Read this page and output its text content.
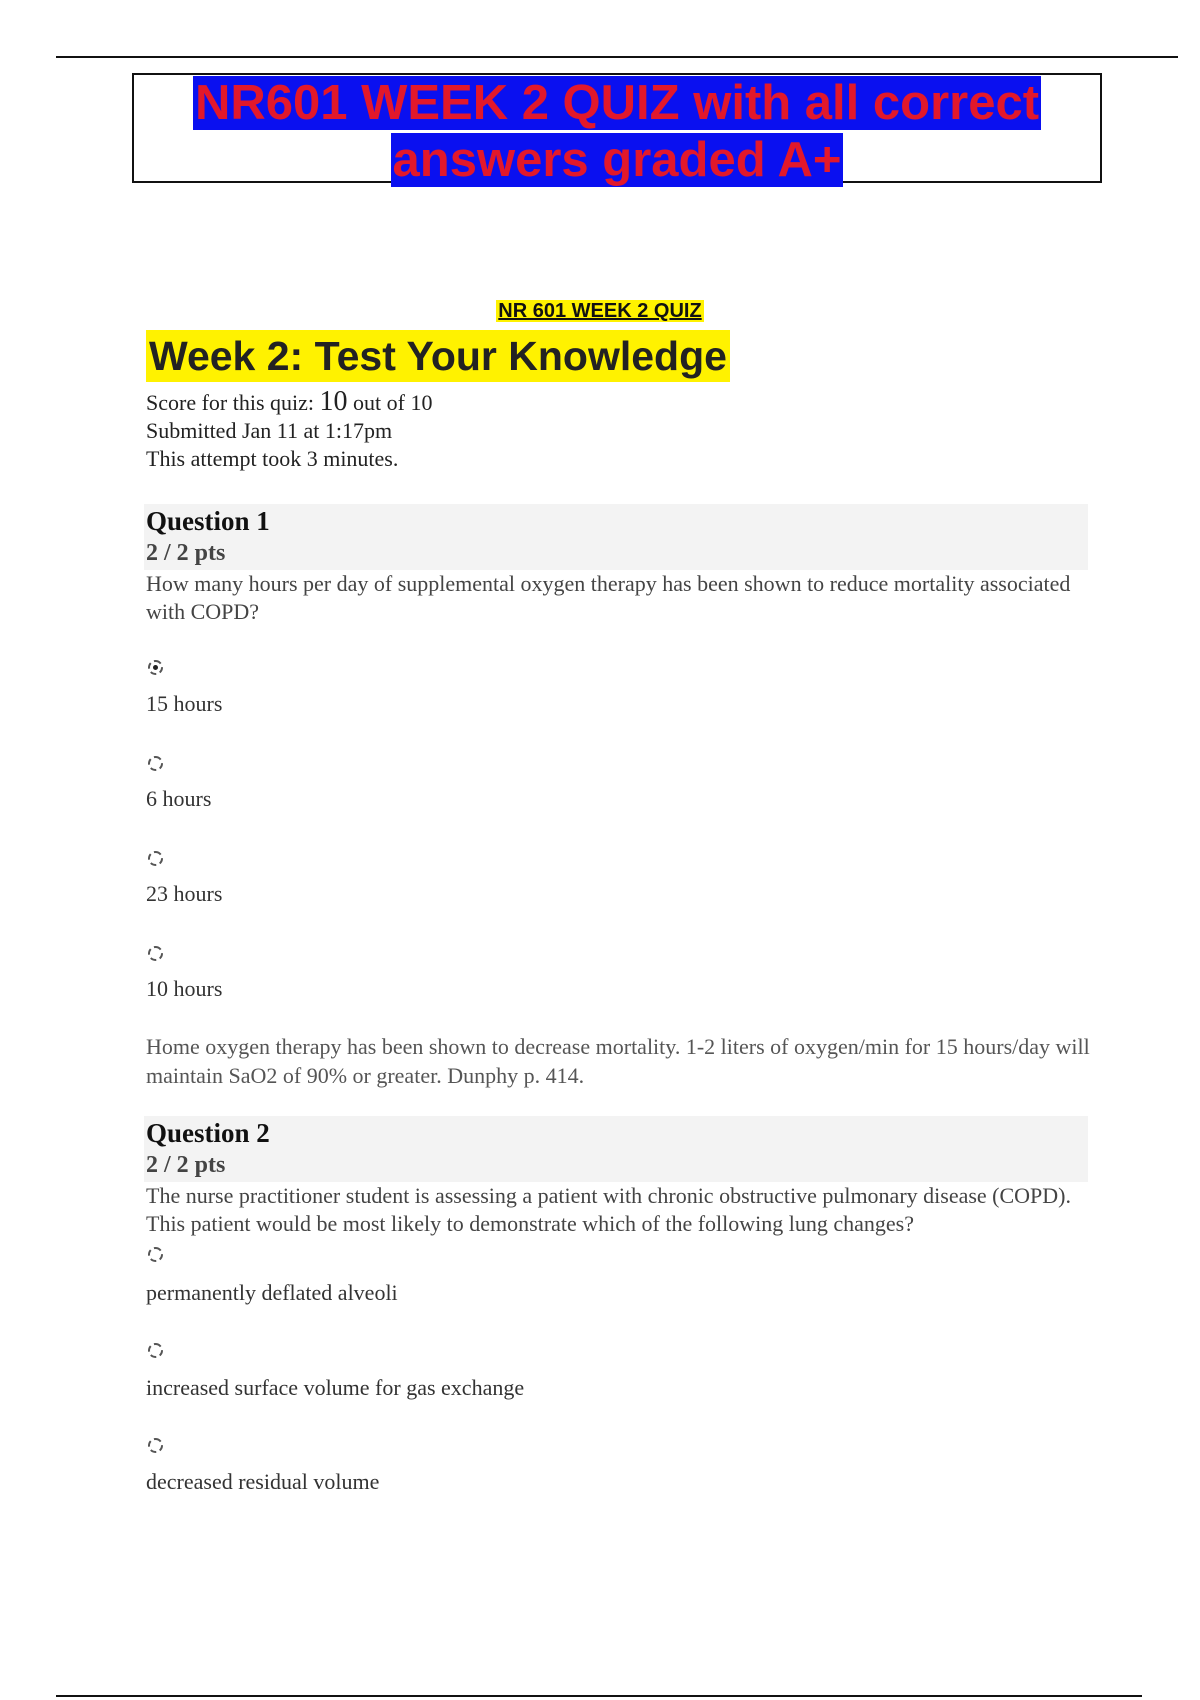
NR601 WEEK 2 QUIZ with all correct
answers graded A+
NR 601 WEEK 2 QUIZ
Week 2: Test Your Knowledge
Score for this quiz: 10 out of 10
Submitted Jan 11 at 1:17pm
This attempt took 3 minutes.
Question 1
2 / 2 pts
How many hours per day of supplemental oxygen therapy has been shown to reduce mortality associated with COPD?
15 hours
6 hours
23 hours
10 hours
Home oxygen therapy has been shown to decrease mortality. 1-2 liters of oxygen/min for 15 hours/day will maintain SaO2 of 90% or greater. Dunphy p. 414.
Question 2
2 / 2 pts
The nurse practitioner student is assessing a patient with chronic obstructive pulmonary disease (COPD). This patient would be most likely to demonstrate which of the following lung changes?
permanently deflated alveoli
increased surface volume for gas exchange
decreased residual volume
